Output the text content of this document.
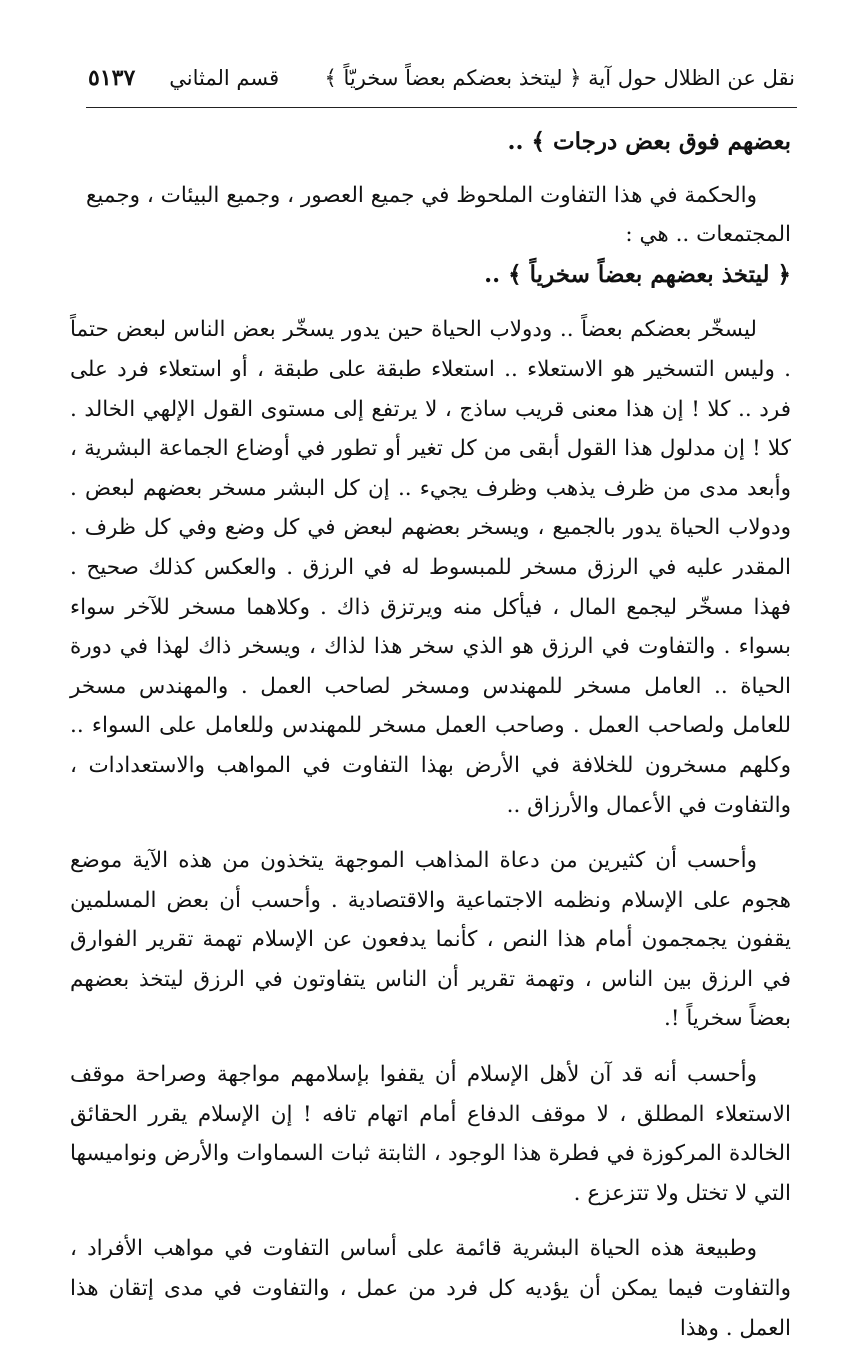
نقل عن الظلال حول آية ﴿ ليتخذ بعضكم بعضاً سخريّاً ﴾
قسم المثاني
٥١٣٧

بعضهم فوق بعض درجات ﴾ ..

والحكمة في هذا التفاوت الملحوظ في جميع العصور ، وجميع البيئات ، وجميع

المجتمعات .. هي :

﴿ ليتخذ بعضهم بعضاً سخرياً ﴾ ..

ليسخّر بعضكم بعضاً .. ودولاب الحياة حين يدور يسخّر بعض الناس لبعض حتماً . وليس التسخير هو الاستعلاء .. استعلاء طبقة على طبقة ، أو استعلاء فرد على فرد .. كلا ! إن هذا معنى قريب ساذج ، لا يرتفع إلى مستوى القول الإلهي الخالد . كلا ! إن مدلول هذا القول أبقى من كل تغير أو تطور في أوضاع الجماعة البشرية ، وأبعد مدى من ظرف يذهب وظرف يجيء .. إن كل البشر مسخر بعضهم لبعض . ودولاب الحياة يدور بالجميع ، ويسخر بعضهم لبعض في كل وضع وفي كل ظرف . المقدر عليه في الرزق مسخر للمبسوط له في الرزق . والعكس كذلك صحيح . فهذا مسخّر ليجمع المال ، فيأكل منه ويرتزق ذاك . وكلاهما مسخر للآخر سواء بسواء . والتفاوت في الرزق هو الذي سخر هذا لذاك ، ويسخر ذاك لهذا في دورة الحياة .. العامل مسخر للمهندس ومسخر لصاحب العمل . والمهندس مسخر للعامل ولصاحب العمل . وصاحب العمل مسخر للمهندس وللعامل على السواء .. وكلهم مسخرون للخلافة في الأرض بهذا التفاوت في المواهب والاستعدادات ، والتفاوت في الأعمال والأرزاق ..

وأحسب أن كثيرين من دعاة المذاهب الموجهة يتخذون من هذه الآية موضع هجوم على الإسلام ونظمه الاجتماعية والاقتصادية . وأحسب أن بعض المسلمين يقفون يجمجمون أمام هذا النص ، كأنما يدفعون عن الإسلام تهمة تقرير الفوارق في الرزق بين الناس ، وتهمة تقرير أن الناس يتفاوتون في الرزق ليتخذ بعضهم بعضاً سخرياً !.

وأحسب أنه قد آن لأهل الإسلام أن يقفوا بإسلامهم مواجهة وصراحة موقف الاستعلاء المطلق ، لا موقف الدفاع أمام اتهام تافه ! إن الإسلام يقرر الحقائق الخالدة المركوزة في فطرة هذا الوجود ، الثابتة ثبات السماوات والأرض ونواميسها التي لا تختل ولا تتزعزع .

وطبيعة هذه الحياة البشرية قائمة على أساس التفاوت في مواهب الأفراد ، والتفاوت فيما يمكن أن يؤديه كل فرد من عمل ، والتفاوت في مدى إتقان هذا العمل . وهذا
